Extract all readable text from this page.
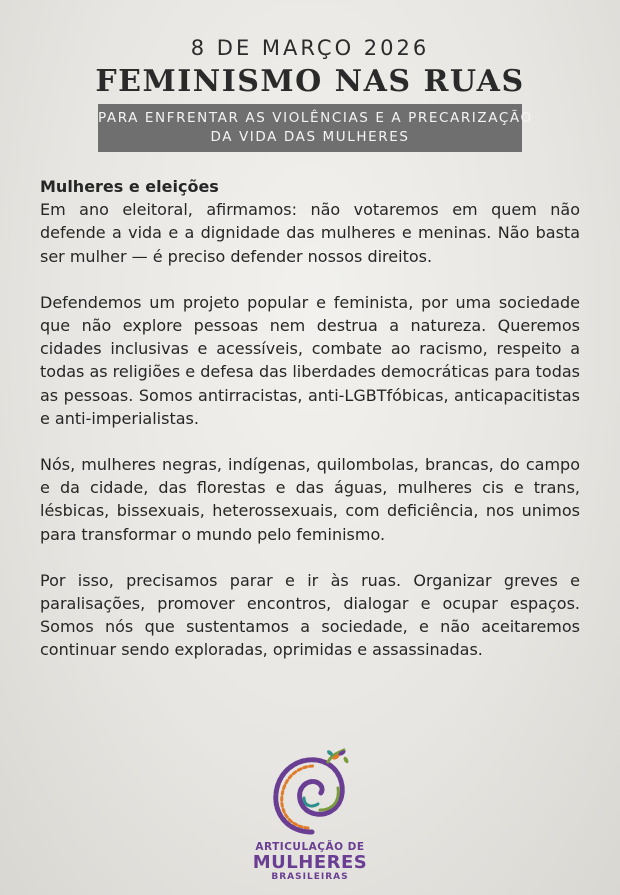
8 DE MARÇO 2026
FEMINISMO NAS RUAS
PARA ENFRENTAR AS VIOLÊNCIAS E A PRECARIZAÇÃO
DA VIDA DAS MULHERES

Mulheres e eleições

Em ano eleitoral, afirmamos: não votaremos em quem não defende a vida e a dignidade das mulheres e meninas. Não basta ser mulher — é preciso defender nossos direitos.

Defendemos um projeto popular e feminista, por uma sociedade que não explore pessoas nem destrua a natureza. Queremos cidades inclusivas e acessíveis, combate ao racismo, respeito a todas as religiões e defesa das liberdades democráticas para todas as pessoas. Somos antirracistas, anti-LGBTfóbicas, anticapacitistas e anti-imperialistas.

Nós, mulheres negras, indígenas, quilombolas, brancas, do campo e da cidade, das florestas e das águas, mulheres cis e trans, lésbicas, bissexuais, heterossexuais, com deficiência, nos unimos para transformar o mundo pelo feminismo.

Por isso, precisamos parar e ir às ruas. Organizar greves e paralisações, promover encontros, dialogar e ocupar espaços. Somos nós que sustentamos a sociedade, e não aceitaremos continuar sendo exploradas, oprimidas e assassinadas.

ARTICULAÇÃO DE
MULHERES
BRASILEIRAS
